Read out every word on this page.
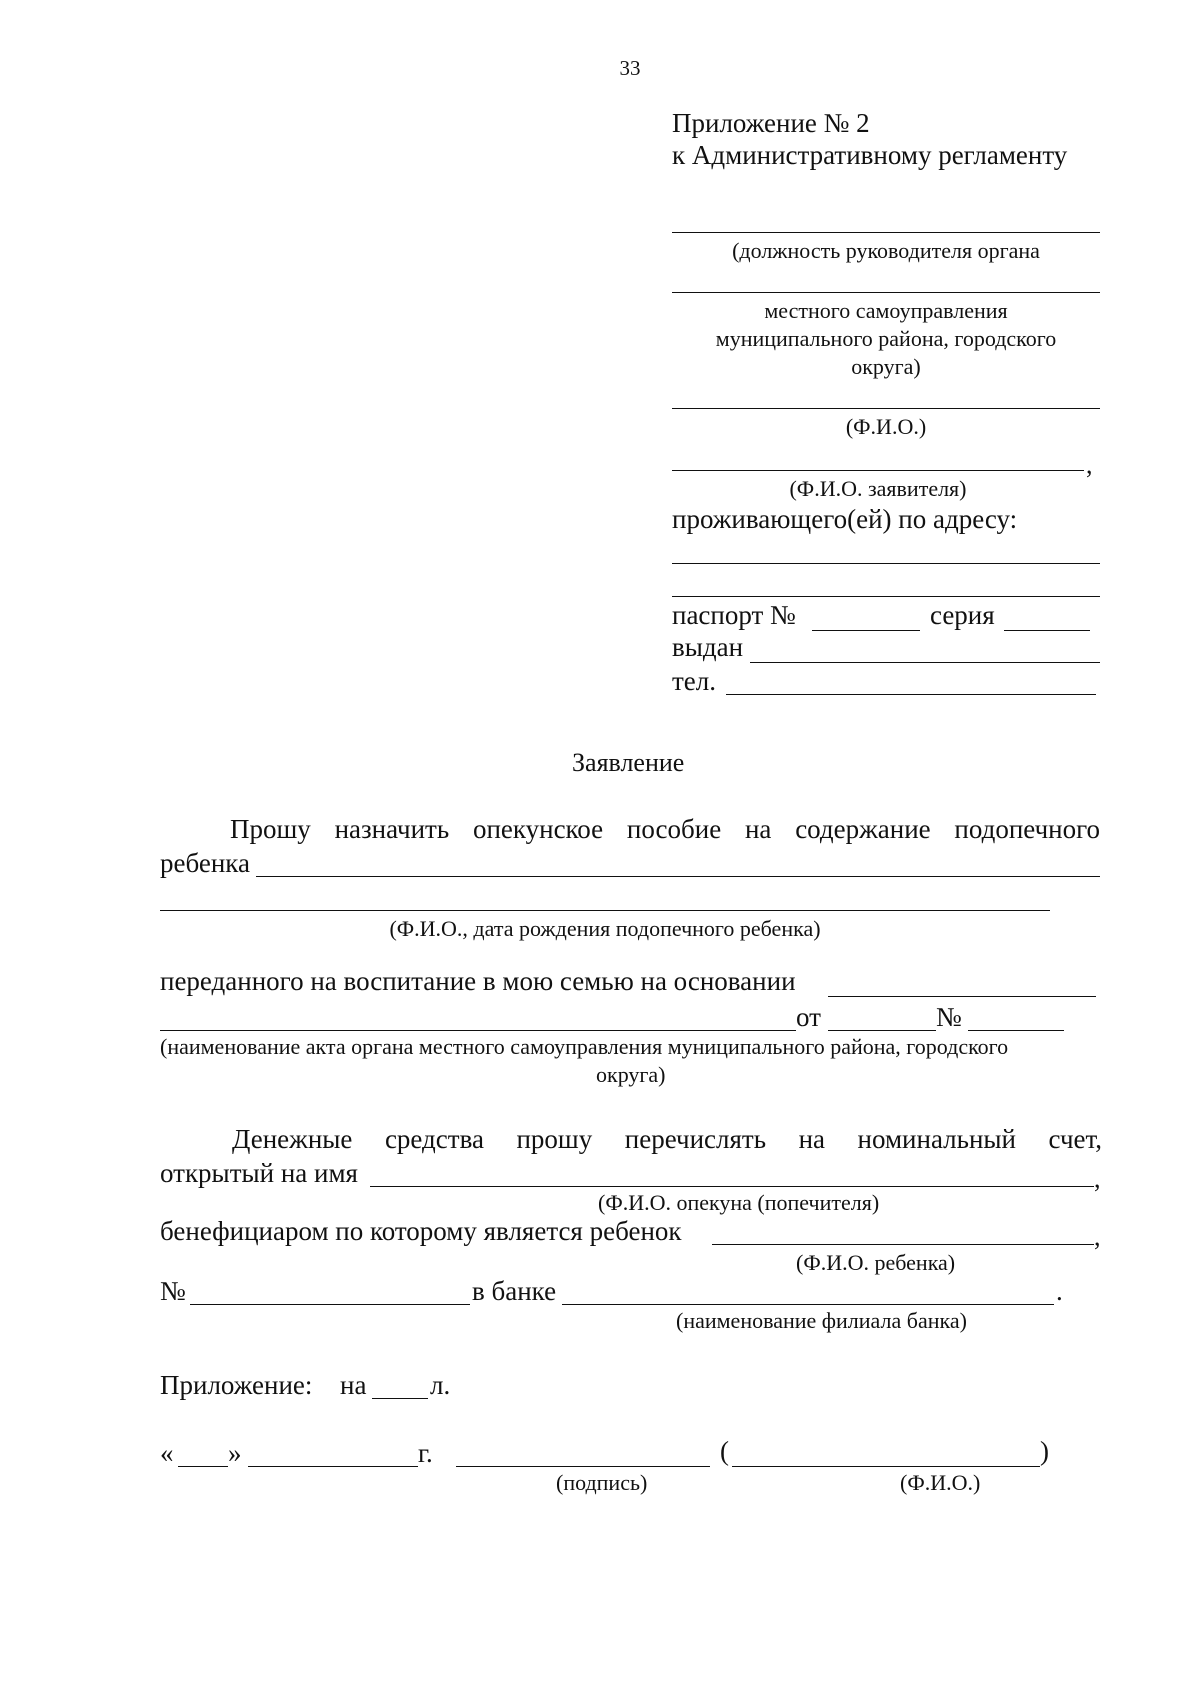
33
Приложение № 2
к Административному регламенту
(должность руководителя органа
местного самоуправления
муниципального района, городского
округа)
(Ф.И.О.)
,
(Ф.И.О. заявителя)
проживающего(ей) по адресу:
паспорт №	серия
выдан
тел.
Заявление
Прошу назначить опекунское пособие на содержание подопечного
ребенка
(Ф.И.О., дата рождения подопечного ребенка)
переданного на воспитание в мою семью на основании
от	№
(наименование акта органа местного самоуправления муниципального района, городского
округа)
Денежные средства прошу перечислять на номинальный счет,
открытый на имя	,
(Ф.И.О. опекуна (попечителя)
бенефициаром по которому является ребенок	,
(Ф.И.О. ребенка)
№	в банке	.
(наименование филиала банка)
Приложение: на л.
« »	г.	(	)
(подпись)	(Ф.И.О.)
